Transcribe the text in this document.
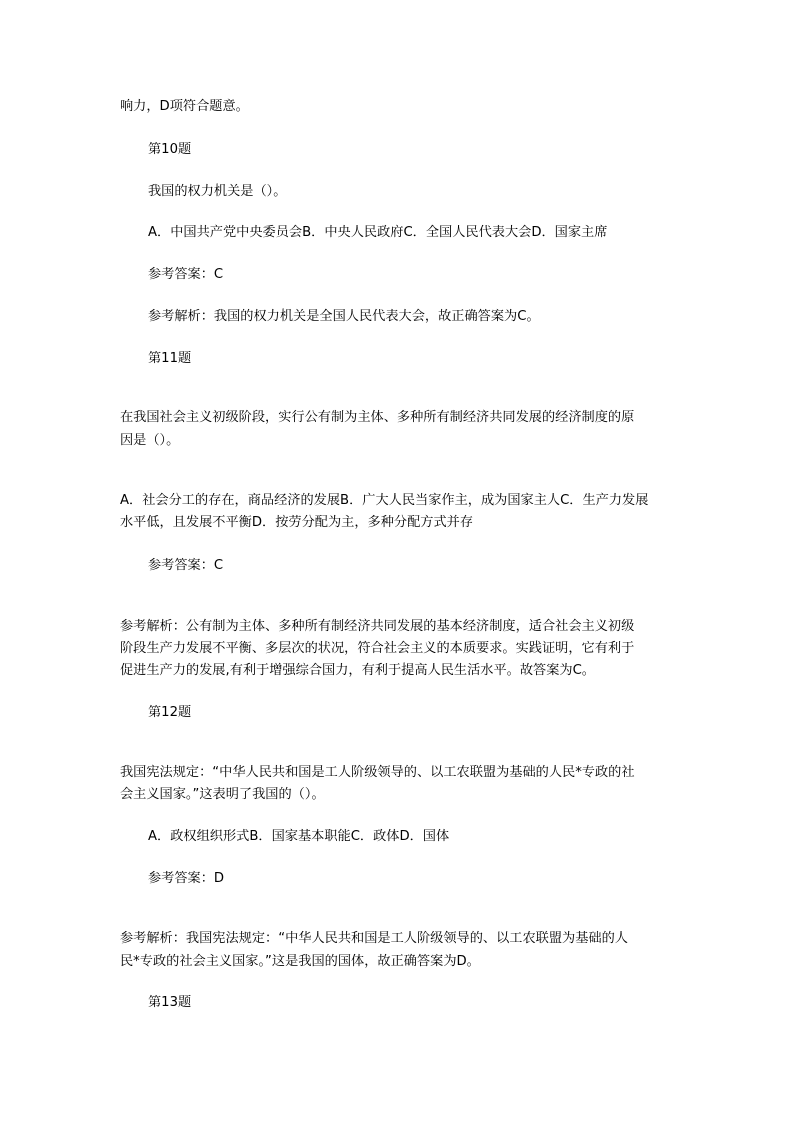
响力，D项符合题意。

第10题

我国的权力机关是（）。

A．中国共产党中央委员会B．中央人民政府C．全国人民代表大会D．国家主席

参考答案：C

参考解析：我国的权力机关是全国人民代表大会，故正确答案为C。

第11题

在我国社会主义初级阶段，实行公有制为主体、多种所有制经济共同发展的经济制度的原

因是（）。

A．社会分工的存在，商品经济的发展B．广大人民当家作主，成为国家主人C．生产力发展

水平低，且发展不平衡D．按劳分配为主，多种分配方式并存

参考答案：C

参考解析：公有制为主体、多种所有制经济共同发展的基本经济制度，适合社会主义初级

阶段生产力发展不平衡、多层次的状况，符合社会主义的本质要求。实践证明，它有利于

促进生产力的发展,有利于增强综合国力，有利于提高人民生活水平。故答案为C。

第12题

我国宪法规定：“中华人民共和国是工人阶级领导的、以工农联盟为基础的人民*专政的社

会主义国家。”这表明了我国的（）。

A．政权组织形式B．国家基本职能C．政体D．国体

参考答案：D

参考解析：我国宪法规定：“中华人民共和国是工人阶级领导的、以工农联盟为基础的人

民*专政的社会主义国家。”这是我国的国体，故正确答案为D。

第13题
